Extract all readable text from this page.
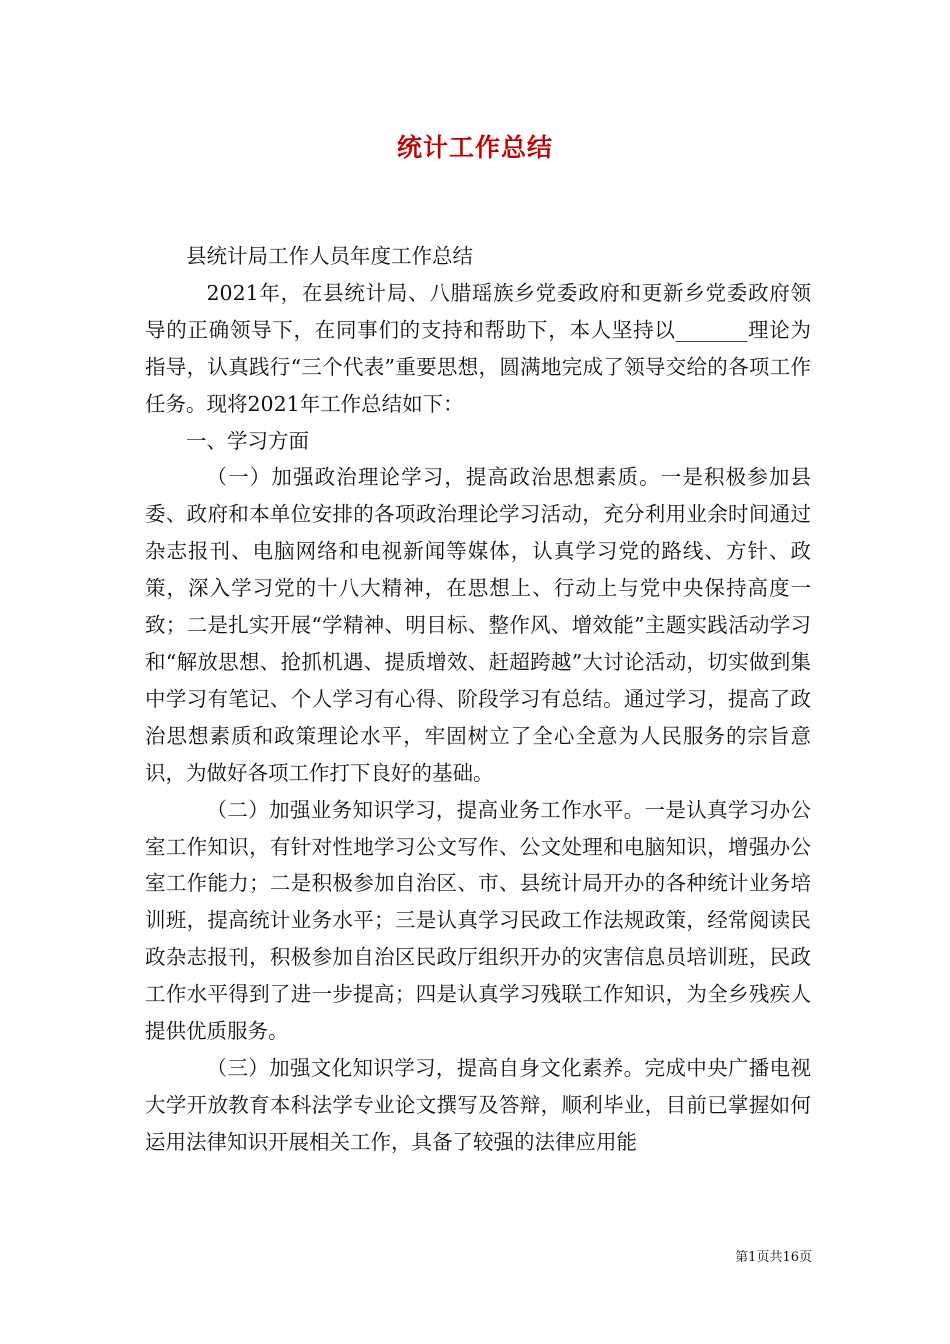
统计工作总结

县统计局工作人员年度工作总结

2021年，在县统计局、八腊瑶族乡党委政府和更新乡党委政府领导的正确领导下，在同事们的支持和帮助下，本人坚持以_______理论为指导，认真践行“三个代表”重要思想，圆满地完成了领导交给的各项工作任务。现将2021年工作总结如下：

一、学习方面

（一）加强政治理论学习，提高政治思想素质。一是积极参加县委、政府和本单位安排的各项政治理论学习活动，充分利用业余时间通过杂志报刊、电脑网络和电视新闻等媒体，认真学习党的路线、方针、政策，深入学习党的十八大精神，在思想上、行动上与党中央保持高度一致；二是扎实开展“学精神、明目标、整作风、增效能”主题实践活动学习和“解放思想、抢抓机遇、提质增效、赶超跨越”大讨论活动，切实做到集中学习有笔记、个人学习有心得、阶段学习有总结。通过学习，提高了政治思想素质和政策理论水平，牢固树立了全心全意为人民服务的宗旨意识，为做好各项工作打下良好的基础。

（二）加强业务知识学习，提高业务工作水平。一是认真学习办公室工作知识，有针对性地学习公文写作、公文处理和电脑知识，增强办公室工作能力；二是积极参加自治区、市、县统计局开办的各种统计业务培训班，提高统计业务水平；三是认真学习民政工作法规政策，经常阅读民政杂志报刊，积极参加自治区民政厅组织开办的灾害信息员培训班，民政工作水平得到了进一步提高；四是认真学习残联工作知识，为全乡残疾人提供优质服务。

（三）加强文化知识学习，提高自身文化素养。完成中央广播电视大学开放教育本科法学专业论文撰写及答辩，顺利毕业，目前已掌握如何运用法律知识开展相关工作，具备了较强的法律应用能

第1页共16页
